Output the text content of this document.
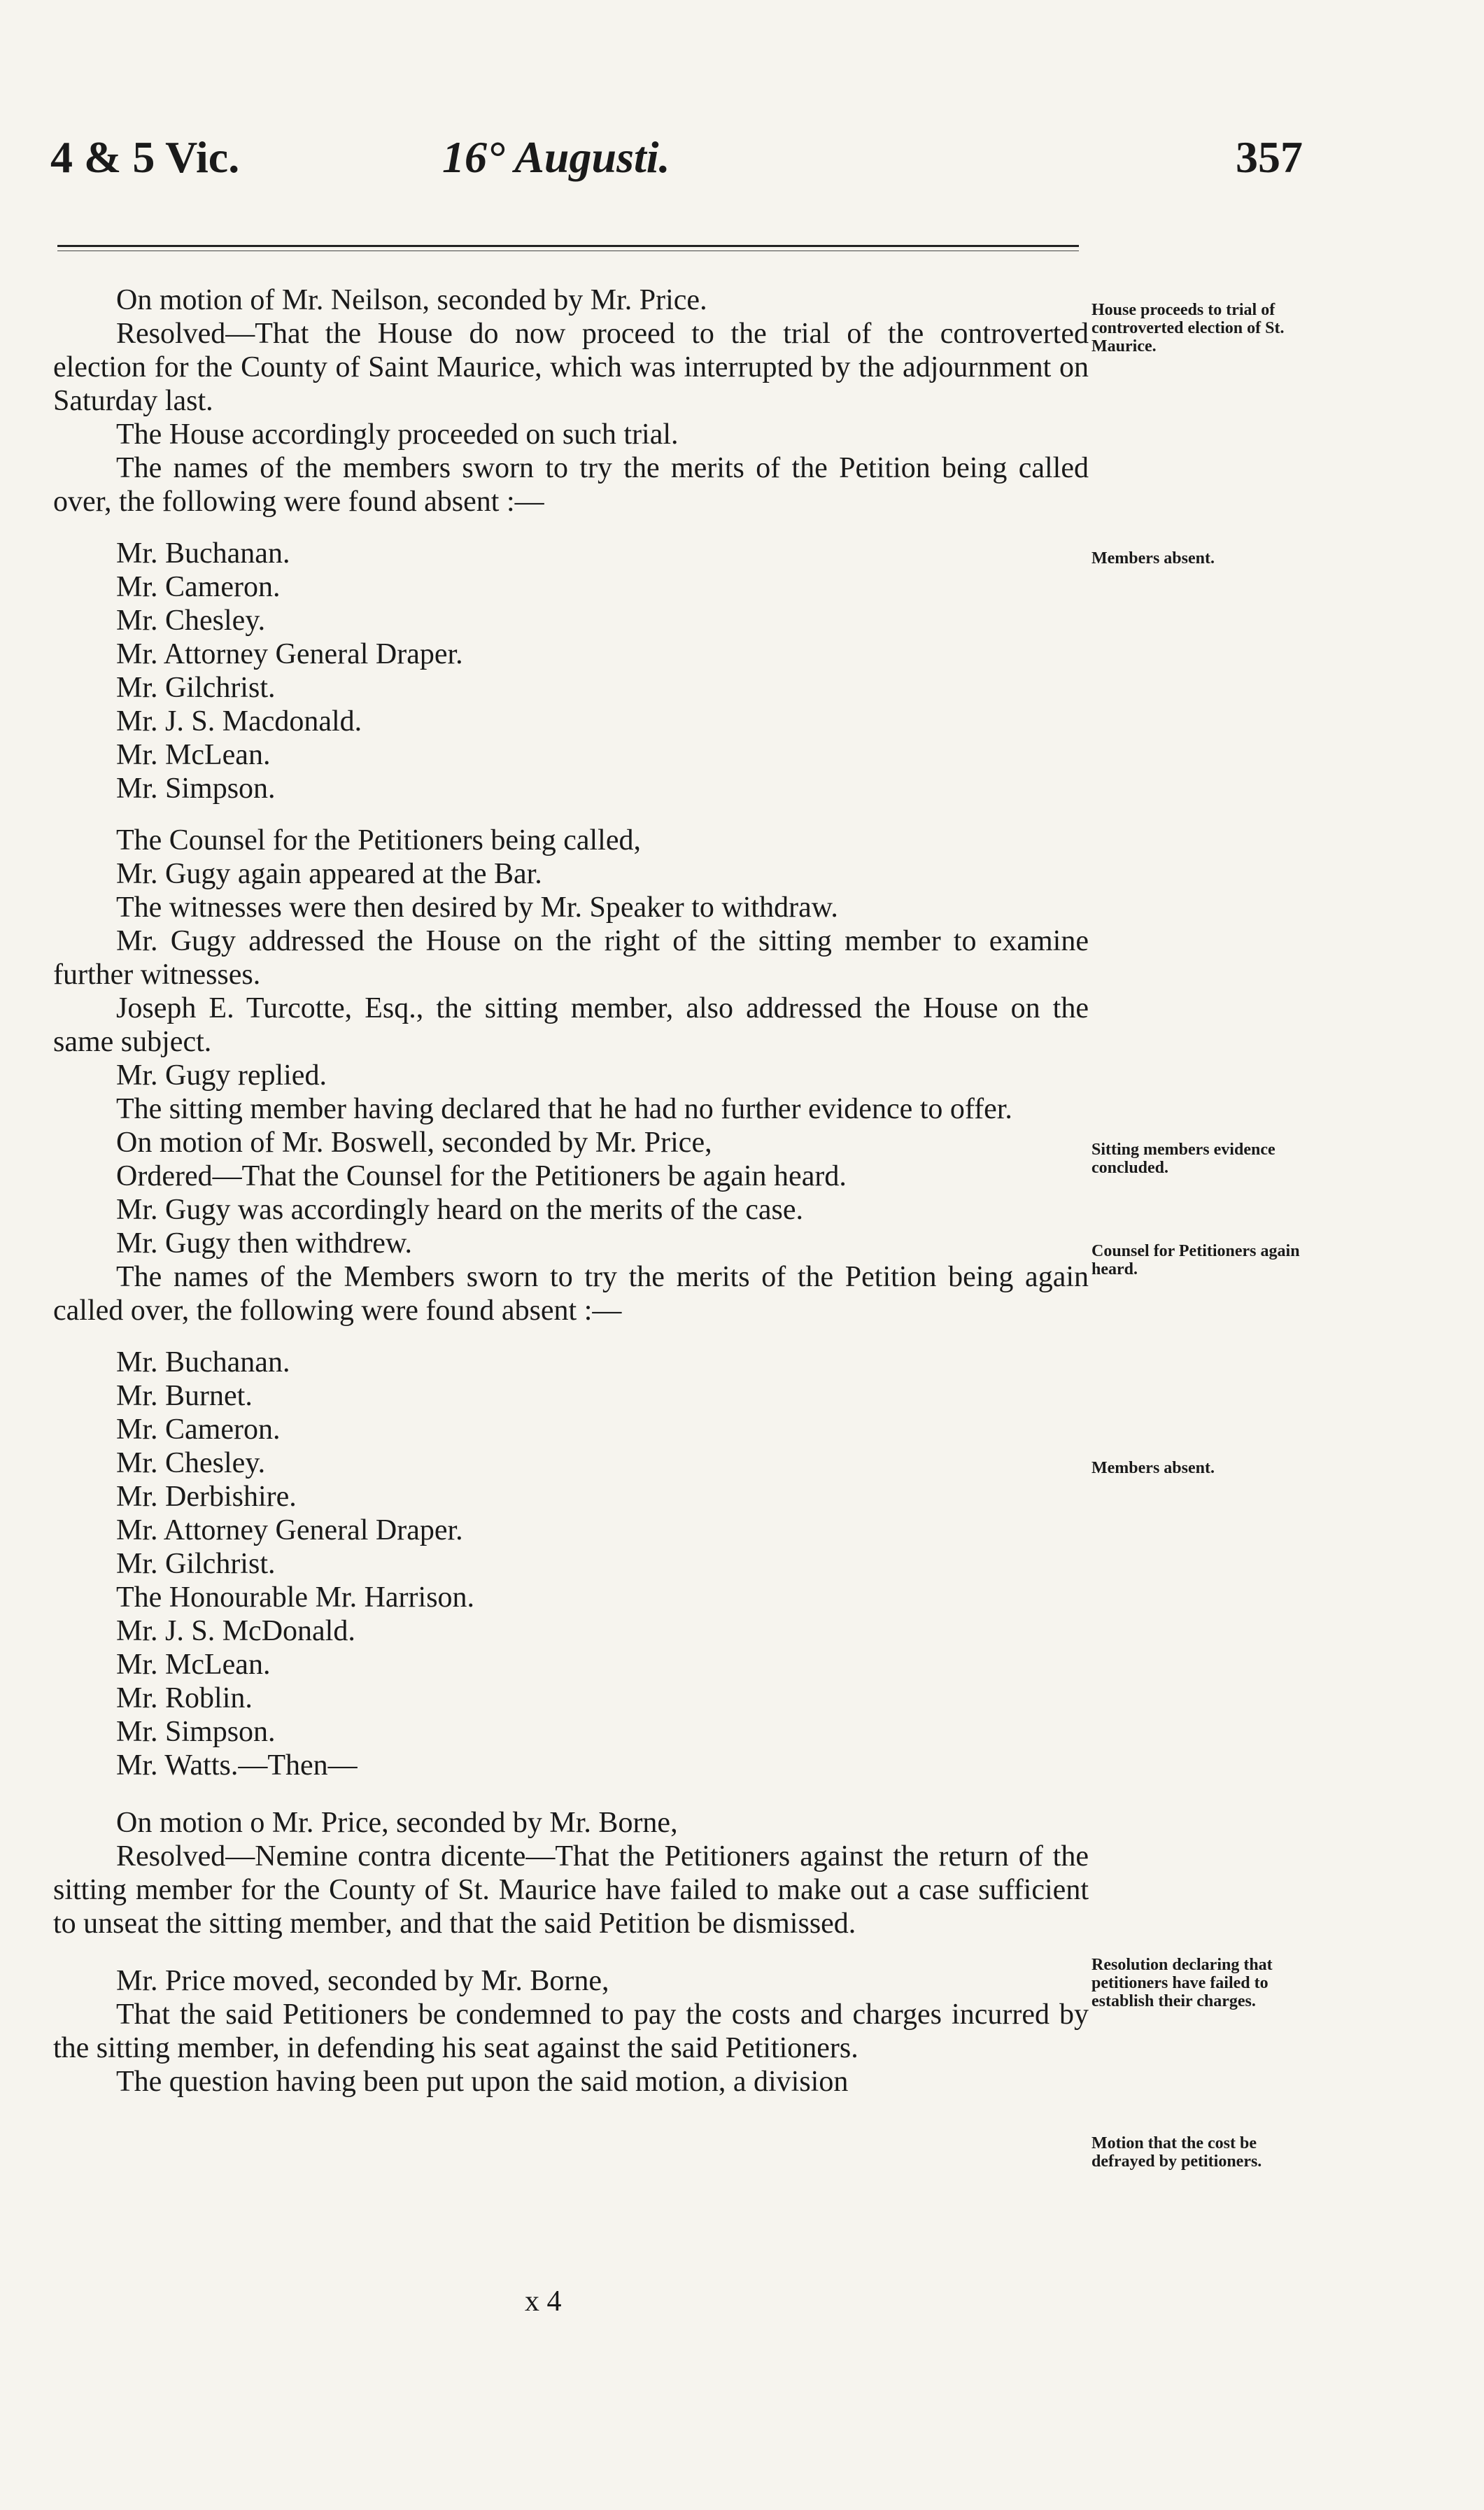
4 & 5 Vic.	16° Augusti.	357

On motion of Mr. Neilson, seconded by Mr. Price.

Resolved—That the House do now proceed to the trial of the controverted election for the County of Saint Maurice, which was interrupted by the adjournment on Saturday last.

The House accordingly proceeded on such trial.

The names of the members sworn to try the merits of the Petition being called over, the following were found absent :—

Mr. Buchanan.

Mr. Cameron.

Mr. Chesley.

Mr. Attorney General Draper.

Mr. Gilchrist.

Mr. J. S. Macdonald.

Mr. McLean.

Mr. Simpson.

The Counsel for the Petitioners being called,

Mr. Gugy again appeared at the Bar.

The witnesses were then desired by Mr. Speaker to withdraw.

Mr. Gugy addressed the House on the right of the sitting member to examine further witnesses.

Joseph E. Turcotte, Esq., the sitting member, also addressed the House on the same subject.

Mr. Gugy replied.

The sitting member having declared that he had no further evidence to offer.

On motion of Mr. Boswell, seconded by Mr. Price,

Ordered—That the Counsel for the Petitioners be again heard.

Mr. Gugy was accordingly heard on the merits of the case.

Mr. Gugy then withdrew.

The names of the Members sworn to try the merits of the Petition being again called over, the following were found absent :—

Mr. Buchanan.

Mr. Burnet.

Mr. Cameron.

Mr. Chesley.

Mr. Derbishire.

Mr. Attorney General Draper.

Mr. Gilchrist.

The Honourable Mr. Harrison.

Mr. J. S. McDonald.

Mr. McLean.

Mr. Roblin.

Mr. Simpson.

Mr. Watts.—Then—

On motion o Mr. Price, seconded by Mr. Borne,

Resolved—Nemine contra dicente—That the Petitioners against the return of the sitting member for the County of St. Maurice have failed to make out a case sufficient to unseat the sitting member, and that the said Petition be dismissed.

Mr. Price moved, seconded by Mr. Borne,

That the said Petitioners be condemned to pay the costs and charges incurred by the sitting member, in defending his seat against the said Petitioners.

The question having been put upon the said motion, a division

House proceeds to trial of controverted election of St. Maurice.
Members absent.
Sitting members evidence concluded.
Counsel for Petitioners again heard.
Members absent.
Resolution declaring that petitioners have failed to establish their charges.
Motion that the cost be defrayed by petitioners.
x 4
